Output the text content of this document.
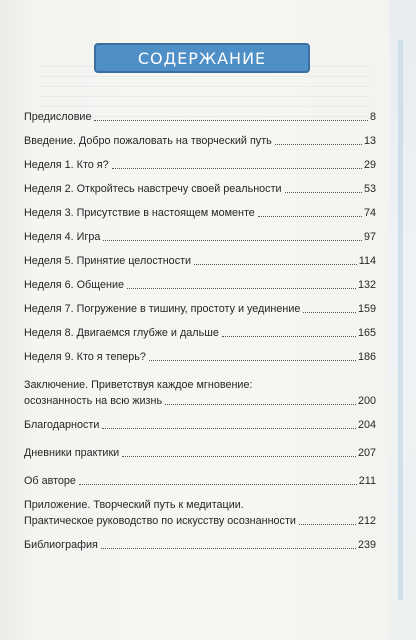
СОДЕРЖАНИЕ
Предисловие	8
Введение. Добро пожаловать на творческий путь	13
Неделя 1. Кто я?	29
Неделя 2. Откройтесь навстречу своей реальности	53
Неделя 3. Присутствие в настоящем моменте	74
Неделя 4. Игра	97
Неделя 5. Принятие целостности	114
Неделя 6. Общение	132
Неделя 7. Погружение в тишину, простоту и уединение	159
Неделя 8. Двигаемся глубже и дальше	165
Неделя 9. Кто я теперь?	186
Заключение. Приветствуя каждое мгновение:
осознанность на всю жизнь	200
Благодарности	204
Дневники практики	207
Об авторе	211
Приложение. Творческий путь к медитации.
Практическое руководство по искусству осознанности	212
Библиография	239
